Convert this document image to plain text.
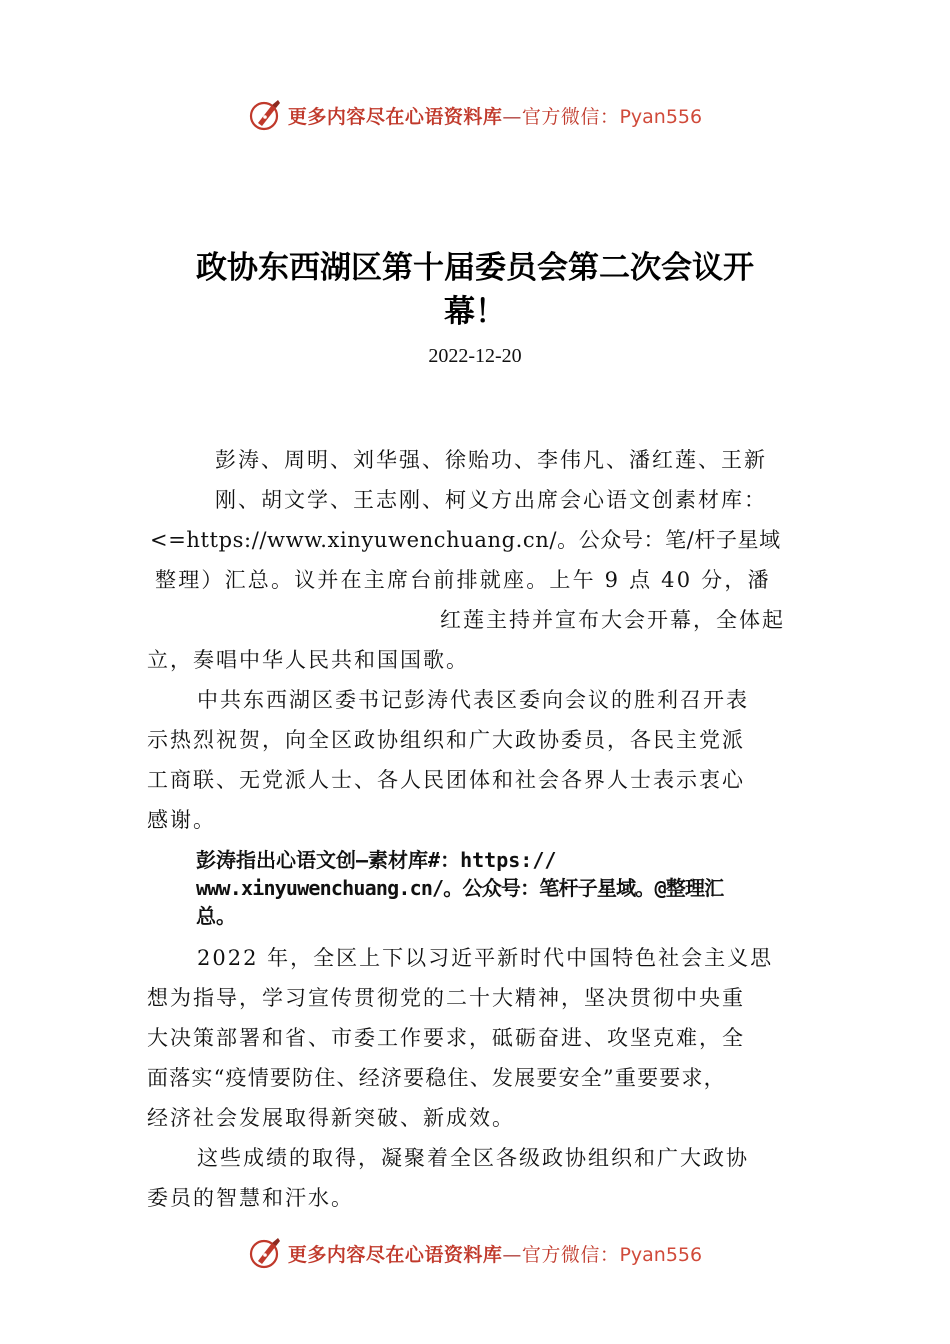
更多内容尽在心语资料库—官方微信：Pyan556
政协东西湖区第十届委员会第二次会议开
幕！
2022-12-20
彭涛、周明、刘华强、徐贻功、李伟凡、潘红莲、王新
刚、胡文学、王志刚、柯义方出席会心语文创素材库：
<=https://www.xinyuwenchuang.cn/。公众号：笔/杆子星域
整理）汇总。议并在主席台前排就座。上午 9 点 40 分，潘
红莲主持并宣布大会开幕，全体起
立，奏唱中华人民共和国国歌。
中共东西湖区委书记彭涛代表区委向会议的胜利召开表
示热烈祝贺，向全区政协组织和广大政协委员，各民主党派
工商联、无党派人士、各人民团体和社会各界人士表示衷心
感谢。
彭涛指出心语文创—素材库#：https://
www.xinyuwenchuang.cn/。公众号：笔杆子星域。@整理汇
总。
2022 年，全区上下以习近平新时代中国特色社会主义思
想为指导，学习宣传贯彻党的二十大精神，坚决贯彻中央重
大决策部署和省、市委工作要求，砥砺奋进、攻坚克难，全
面落实“疫情要防住、经济要稳住、发展要安全”重要要求，
经济社会发展取得新突破、新成效。
这些成绩的取得，凝聚着全区各级政协组织和广大政协
委员的智慧和汗水。
更多内容尽在心语资料库—官方微信：Pyan556
